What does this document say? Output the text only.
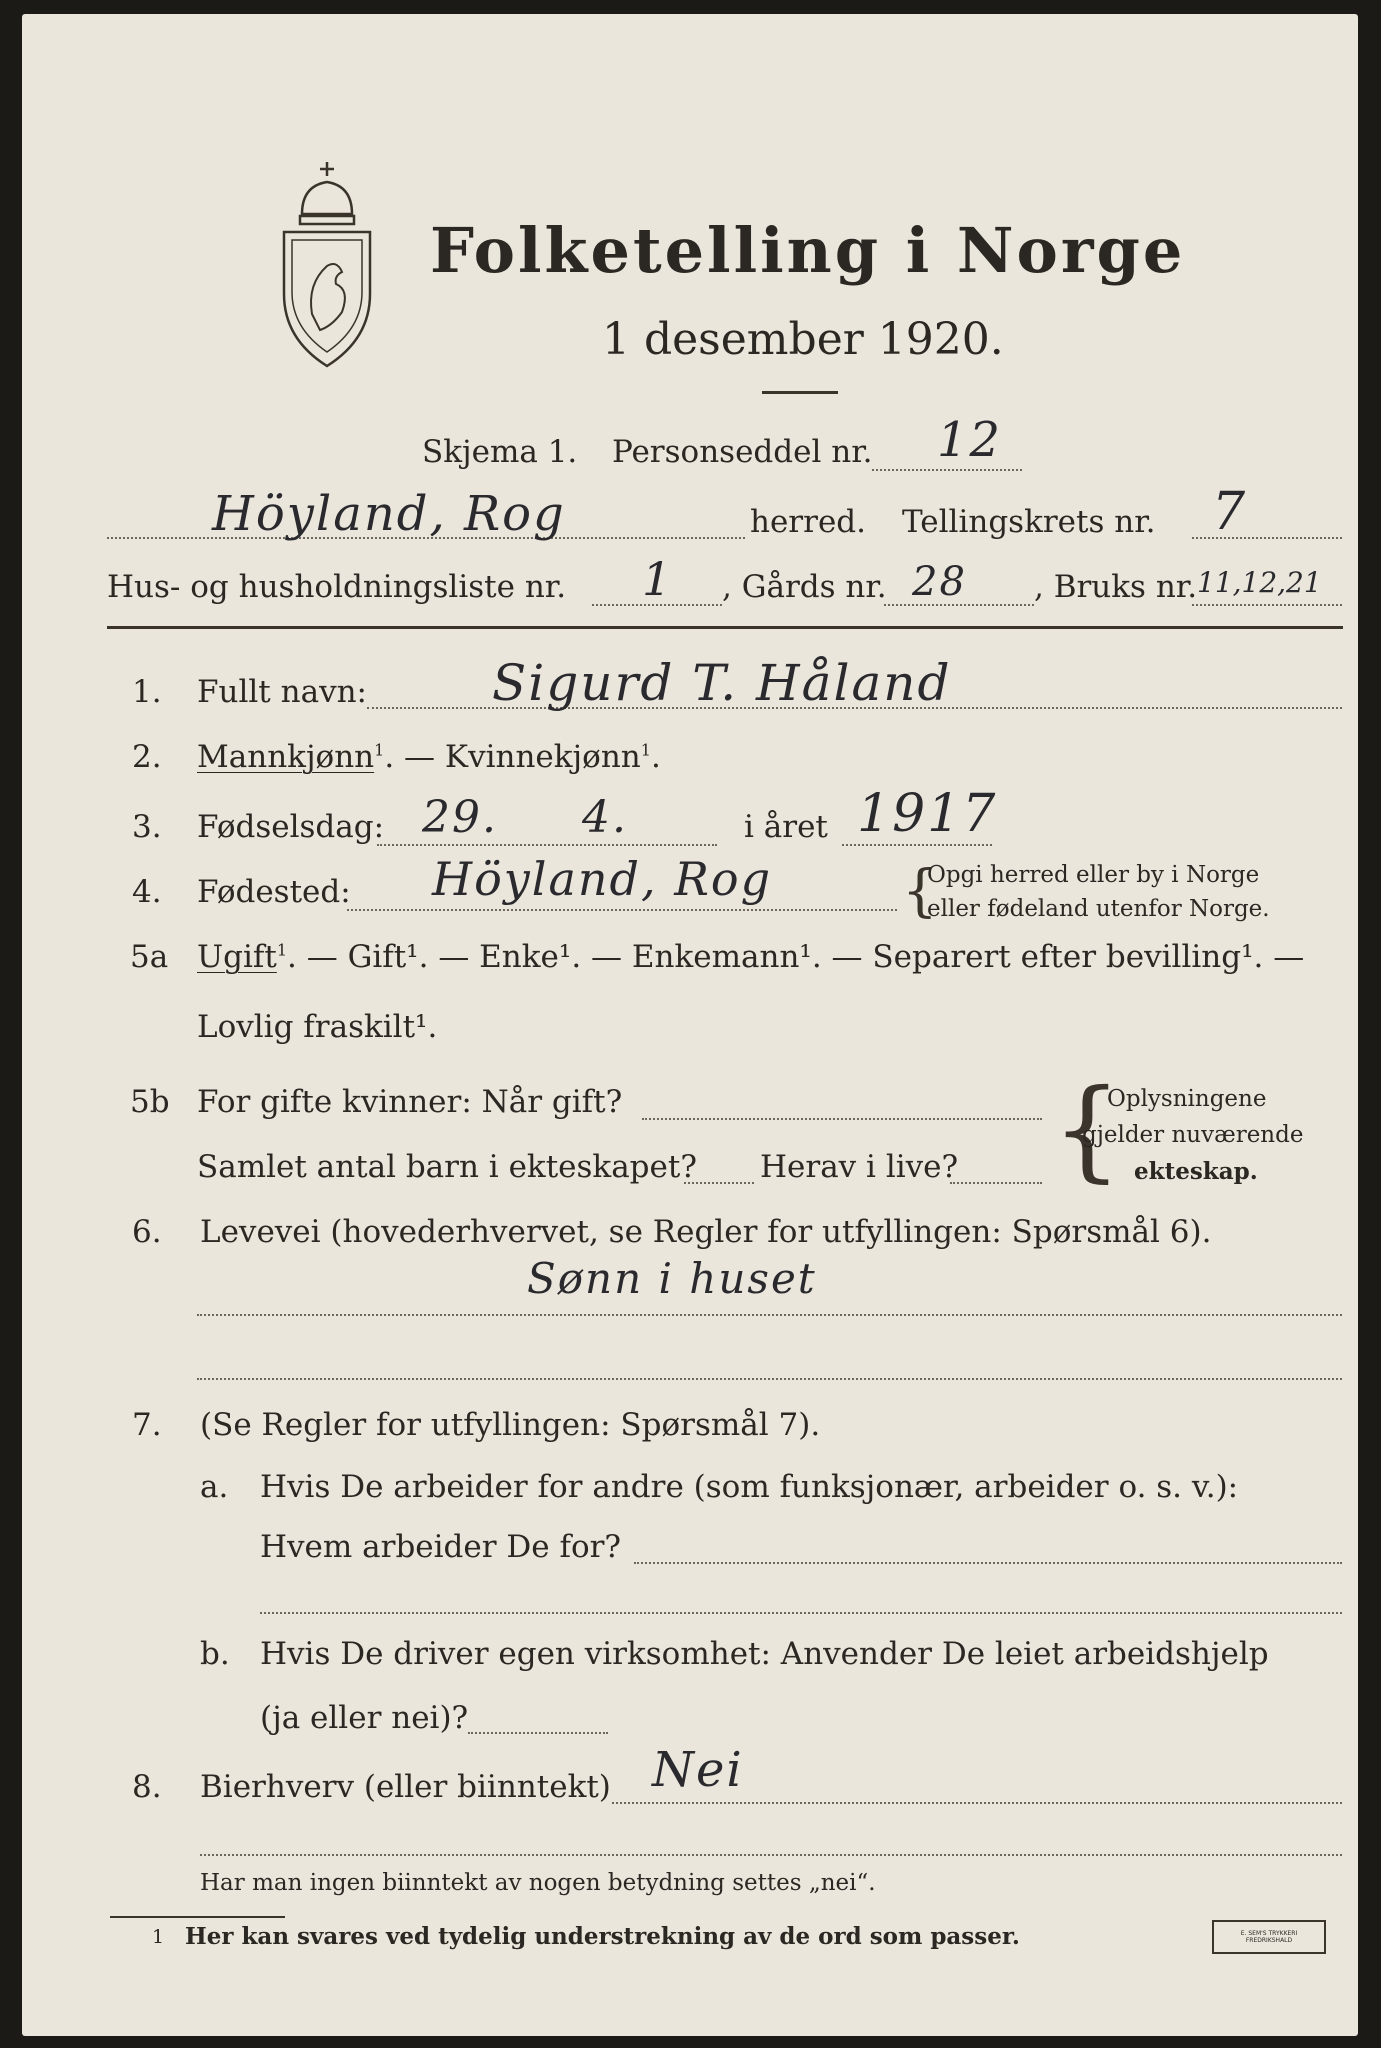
Folketelling i Norge
1 desember 1920.
Skjema 1. Personseddel nr. 12
Höyland, Rog	herred. Tellingskrets nr. 7
Hus- og husholdningsliste nr. 1 , Gårds nr. 28 , Bruks nr. 11,12,21
1. Fullt navn:	Sigurd T. Håland
2. Mannkjønn$^1$. — Kvinnekjønn$^1$.
3. Fødselsdag: 29. 4.	i året 1917
4. Fødested: Höyland, Rog {
Opgi herred eller by i Norge
eller fødeland utenfor Norge.
5a Ugift$^1$. — Gift¹. — Enke¹. — Enkemann¹. — Separert efter bevilling¹. —
Lovlig fraskilt¹.
5b For gifte kvinner: Når gift?
Samlet antal barn i ekteskapet? Herav i live? {
Oplysningene
gjelder nuværende
ekteskap.
6. Levevei (hovederhvervet, se Regler for utfyllingen: Spørsmål 6).
Sønn i huset
7. (Se Regler for utfyllingen: Spørsmål 7).
a. Hvis De arbeider for andre (som funksjonær, arbeider o. s. v.):
Hvem arbeider De for?
b. Hvis De driver egen virksomhet: Anvender De leiet arbeidshjelp
(ja eller nei)?
8. Bierhverv (eller biinntekt) Nei
Har man ingen biinntekt av nogen betydning settes „nei“.
1 Her kan svares ved tydelig understrekning av de ord som passer.	E. SEM'S TRYKKERI FREDRIKSHALD
